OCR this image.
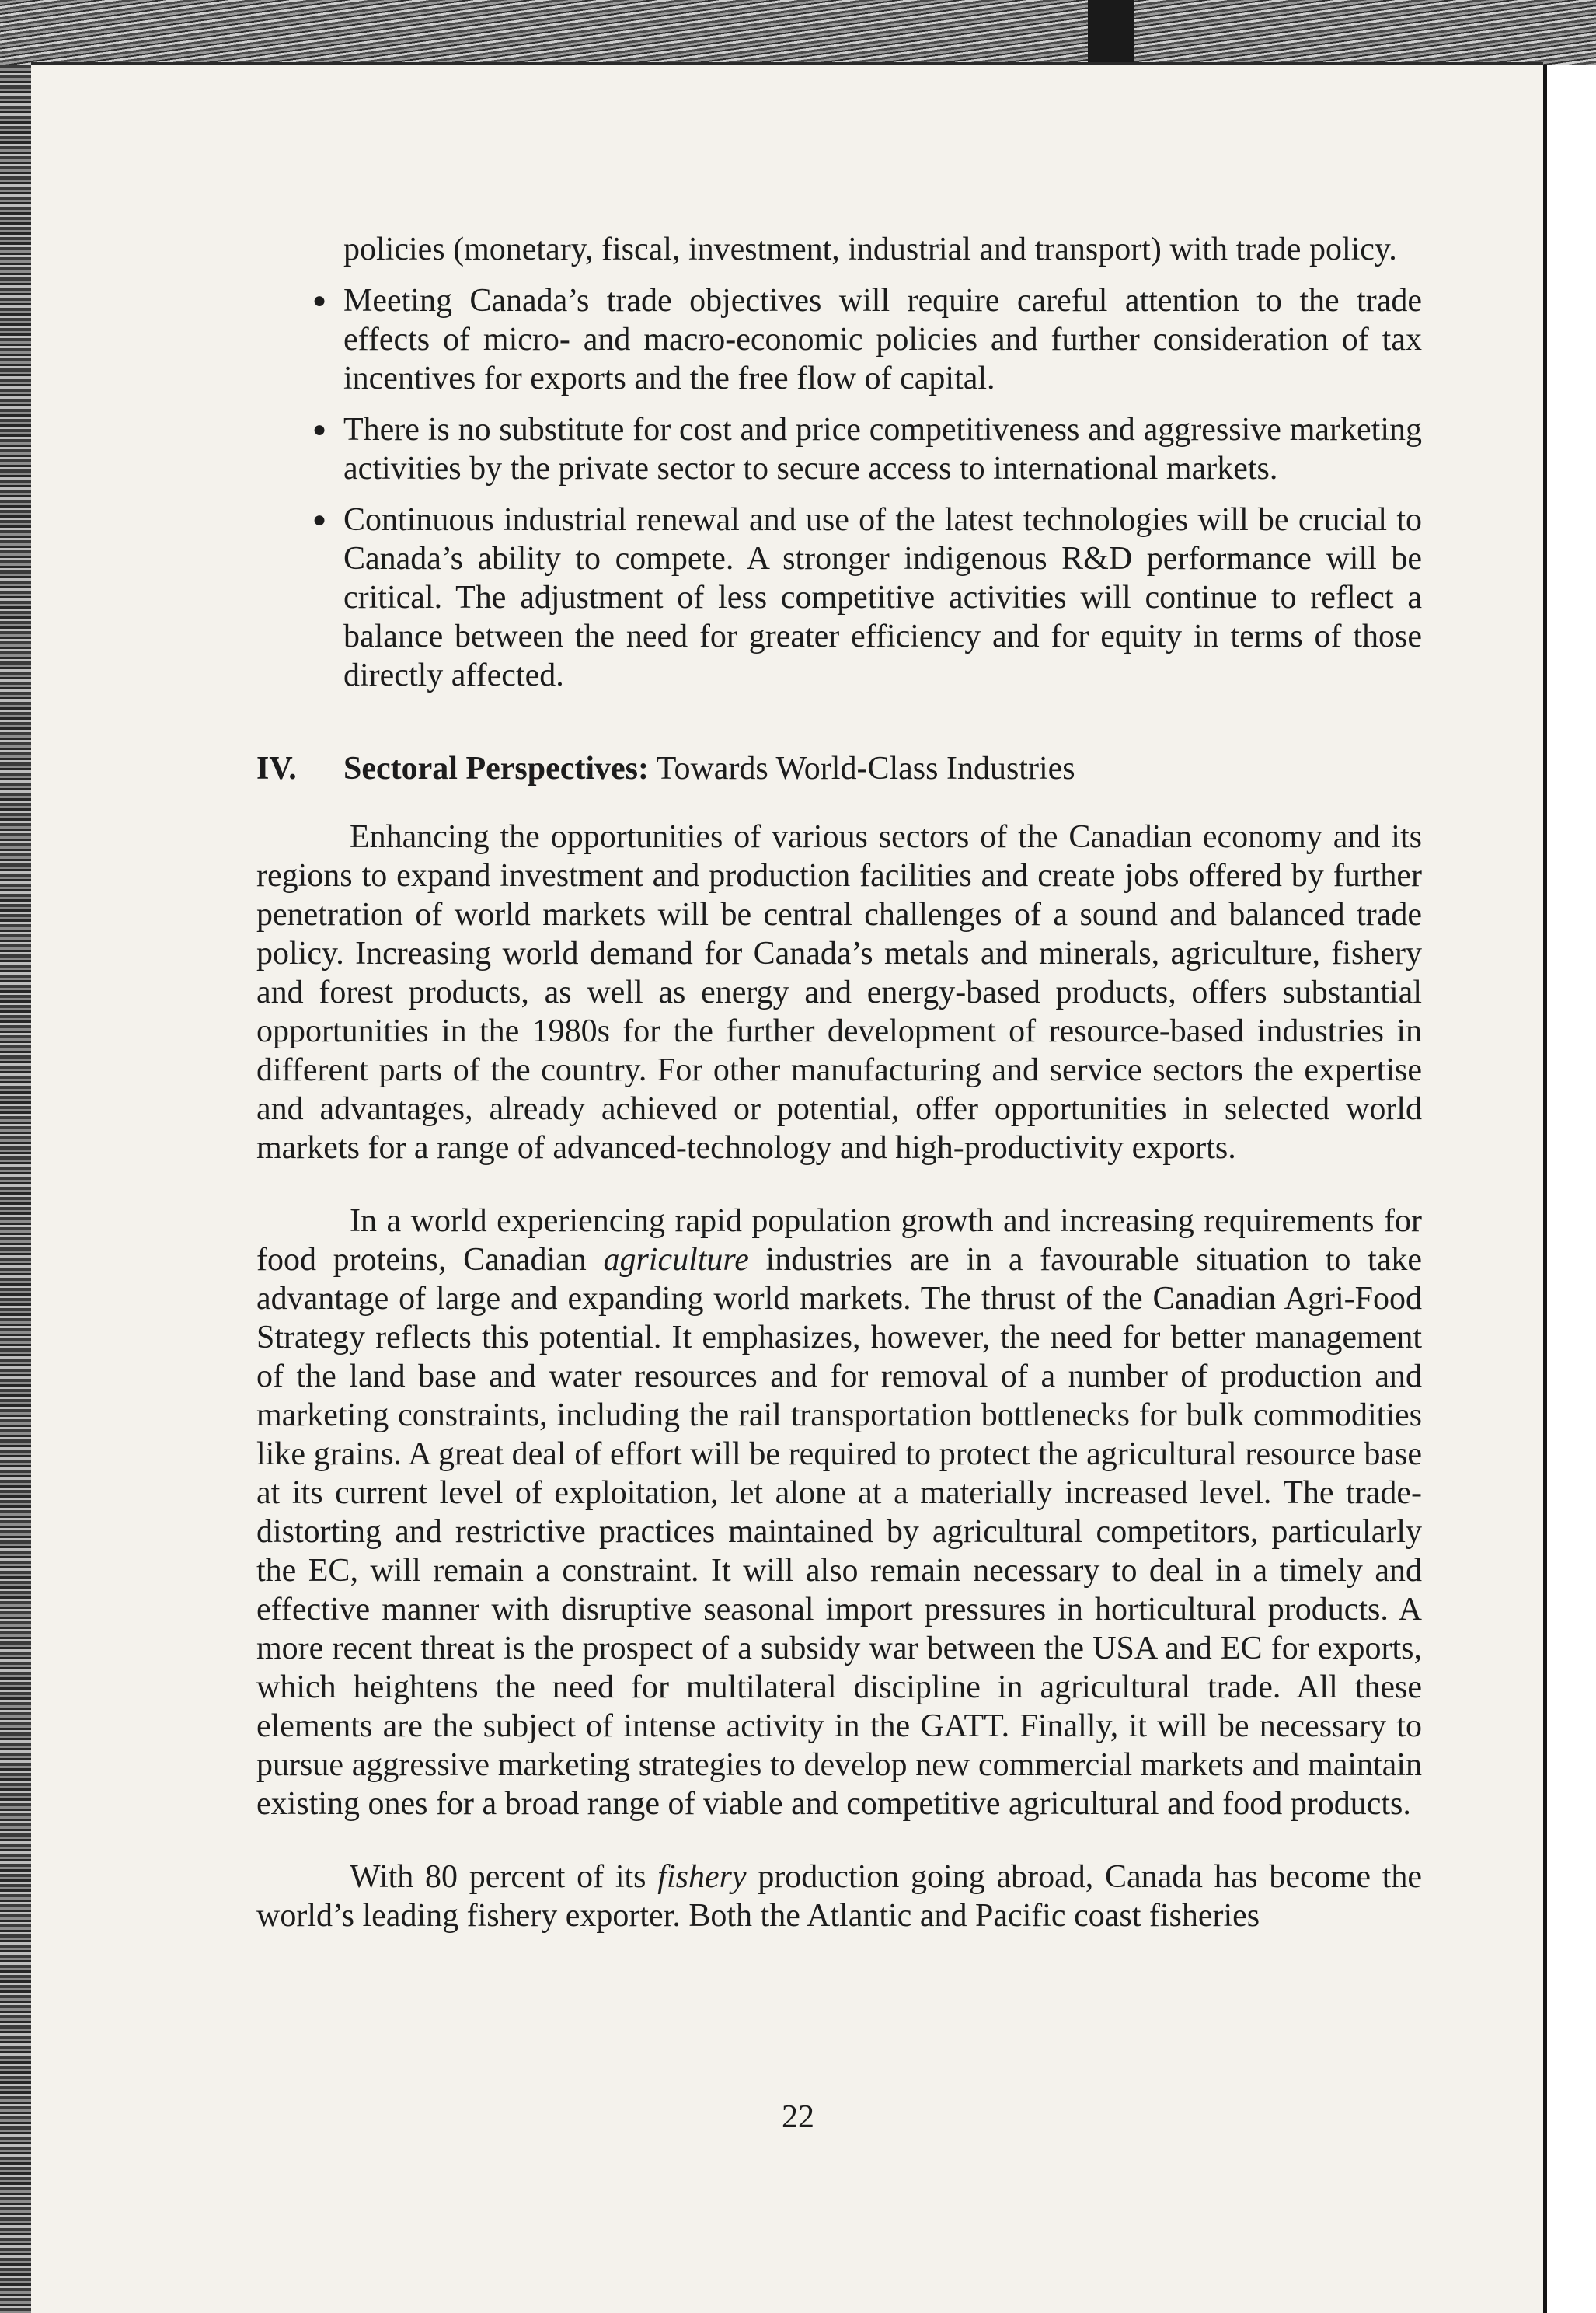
policies (monetary, fiscal, investment, industrial and transport) with trade policy.

● Meeting Canada’s trade objectives will require careful attention to the trade effects of micro- and macro-economic policies and further consideration of tax incentives for exports and the free flow of capital.
● There is no substitute for cost and price competitiveness and aggressive marketing activities by the private sector to secure access to international markets.
● Continuous industrial renewal and use of the latest technologies will be crucial to Canada’s ability to compete. A stronger indigenous R&D performance will be critical. The adjustment of less competitive activities will continue to reflect a balance between the need for greater efficiency and for equity in terms of those directly affected.

IV. Sectoral Perspectives: Towards World-Class Industries

Enhancing the opportunities of various sectors of the Canadian economy and its regions to expand investment and production facilities and create jobs offered by further penetration of world markets will be central challenges of a sound and balanced trade policy. Increasing world demand for Canada’s metals and minerals, agriculture, fishery and forest products, as well as energy and energy-based products, offers substantial opportunities in the 1980s for the further development of resource-based industries in different parts of the country. For other manufacturing and service sectors the expertise and advantages, already achieved or potential, offer opportunities in selected world markets for a range of advanced-technology and high-productivity exports.

In a world experiencing rapid population growth and increasing requirements for food proteins, Canadian agriculture industries are in a favourable situation to take advantage of large and expanding world markets. The thrust of the Canadian Agri-Food Strategy reflects this potential. It emphasizes, however, the need for better management of the land base and water resources and for removal of a number of production and marketing constraints, including the rail transportation bottlenecks for bulk commodities like grains. A great deal of effort will be required to protect the agricultural resource base at its current level of exploitation, let alone at a materially increased level. The trade-distorting and restrictive practices maintained by agricultural competitors, particularly the EC, will remain a constraint. It will also remain necessary to deal in a timely and effective manner with disruptive seasonal import pressures in horticultural products. A more recent threat is the prospect of a subsidy war between the USA and EC for exports, which heightens the need for multilateral discipline in agricultural trade. All these elements are the subject of intense activity in the GATT. Finally, it will be necessary to pursue aggressive marketing strategies to develop new commercial markets and maintain existing ones for a broad range of viable and competitive agricultural and food products.

With 80 percent of its fishery production going abroad, Canada has become the world’s leading fishery exporter. Both the Atlantic and Pacific coast fisheries

22
